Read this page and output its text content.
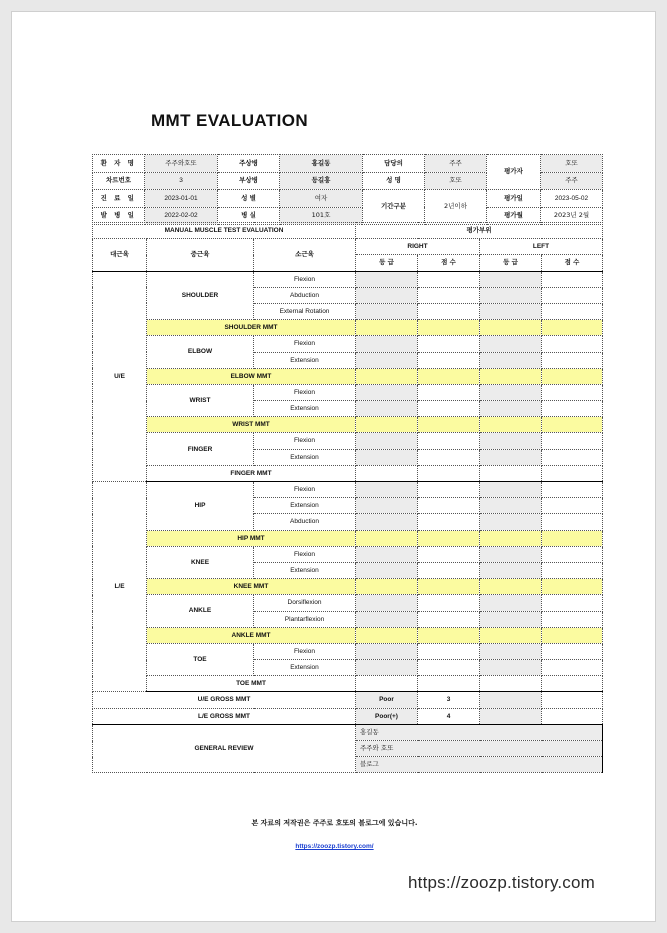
MMT EVALUATION
환 자 명	주주와호또	주상병	홍길동	담당의	주주	평가자	호또
차트번호	3	부상병	등길훙	성 명	호또		주주
진 료 일	2023-01-01	성 별	여자	기간구분	2년이하	평가일	2023-05-02
발 병 일	2022-02-02	병 실	101호			평가월	2023년 2월
MANUAL MUSCLE TEST EVALUATION			평가부위			
대근육	중근육	소근육	RIGHT		LEFT	
			등 급	점 수	등 급	점 수
U/E	SHOULDER	Flexion				
		Abduction				
		External Rotation				
	SHOULDER MMT					
	ELBOW	Flexion				
		Extension				
	ELBOW MMT					
	WRIST	Flexion				
		Extension				
	WRIST MMT					
	FINGER	Flexion				
		Extension				
	FINGER MMT					
L/E	HIP	Flexion				
		Extension				
		Abduction				
	HIP MMT					
	KNEE	Flexion				
		Extension				
	KNEE MMT					
	ANKLE	Dorsiflexion				
		Plantarflexion				
	ANKLE MMT					
	TOE	Flexion				
		Extension				
	TOE MMT					
U/E GROSS MMT			Poor	3		
L/E GROSS MMT			Poor(+)	4		
GENERAL REVIEW			홍길동			
			주주와 호또			
			블로그			
본 자료의 저작권은 주주로 호또의 블로그에 있습니다.
https://zoozp.tistory.com/
https://zoozp.tistory.com
